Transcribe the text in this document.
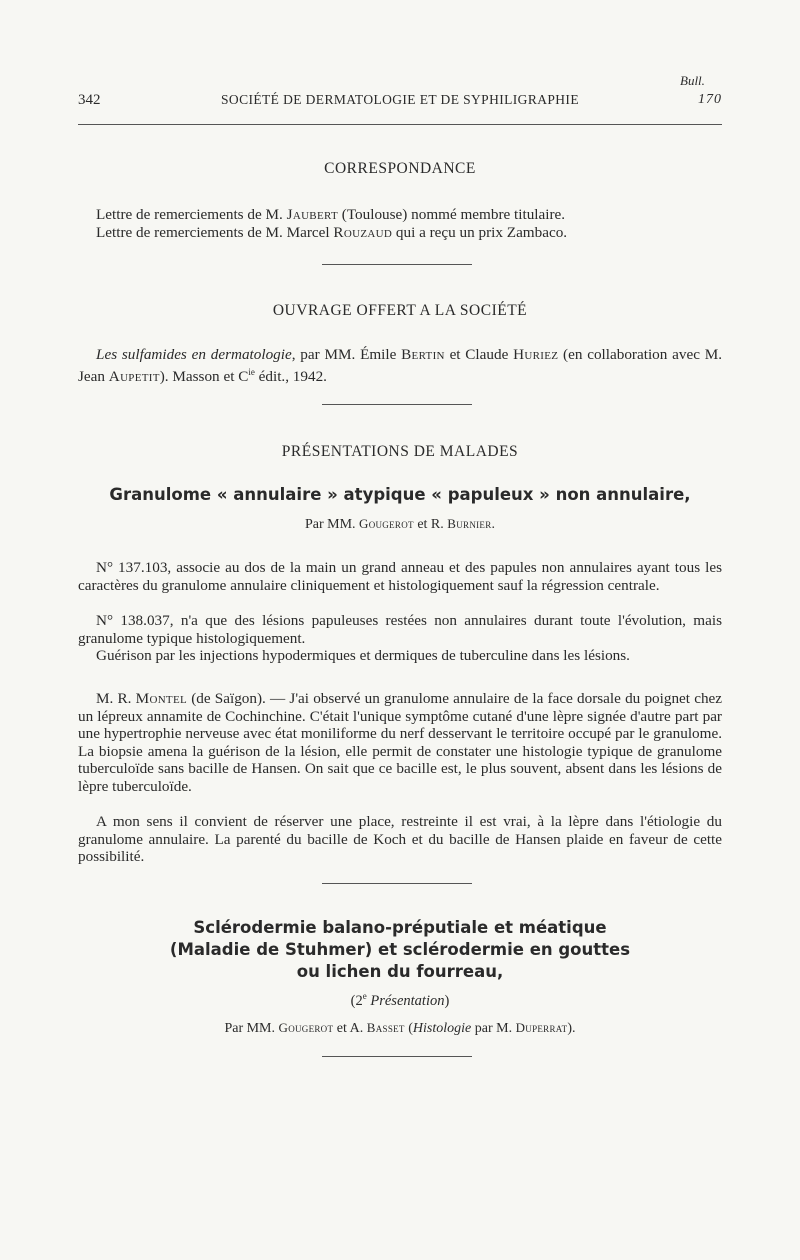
Bull.
342	SOCIÉTÉ DE DERMATOLOGIE ET DE SYPHILIGRAPHIE	170
CORRESPONDANCE
Lettre de remerciements de M. Jaubert (Toulouse) nommé membre titulaire.
Lettre de remerciements de M. Marcel Rouzaud qui a reçu un prix Zambaco.
OUVRAGE OFFERT A LA SOCIÉTÉ
Les sulfamides en dermatologie, par MM. Émile Bertin et Claude Huriez (en collaboration avec M. Jean Aupetit). Masson et $C^{ie}$ édit., 1942.
PRÉSENTATIONS DE MALADES
Granulome « annulaire » atypique « papuleux » non annulaire,
Par MM. Gougerot et R. Burnier.
N° 137.103, associe au dos de la main un grand anneau et des papules non annulaires ayant tous les caractères du granulome annulaire cliniquement et histologiquement sauf la régression centrale.
N° 138.037, n'a que des lésions papuleuses restées non annulaires durant toute l'évolution, mais granulome typique histologiquement.
Guérison par les injections hypodermiques et dermiques de tuberculine dans les lésions.
M. R. Montel (de Saïgon). — J'ai observé un granulome annulaire de la face dorsale du poignet chez un lépreux annamite de Cochinchine. C'était l'unique symptôme cutané d'une lèpre signée d'autre part par une hypertrophie nerveuse avec état moniliforme du nerf desservant le territoire occupé par le granulome. La biopsie amena la guérison de la lésion, elle permit de constater une histologie typique de granulome tuberculoïde sans bacille de Hansen. On sait que ce bacille est, le plus souvent, absent dans les lésions de lèpre tuberculoïde.
A mon sens il convient de réserver une place, restreinte il est vrai, à la lèpre dans l'étiologie du granulome annulaire. La parenté du bacille de Koch et du bacille de Hansen plaide en faveur de cette possibilité.
Sclérodermie balano-préputiale et méatique
(Maladie de Stuhmer) et sclérodermie en gouttes
ou lichen du fourreau,
(2e Présentation)
Par MM. Gougerot et A. Basset (Histologie par M. Duperrat).
